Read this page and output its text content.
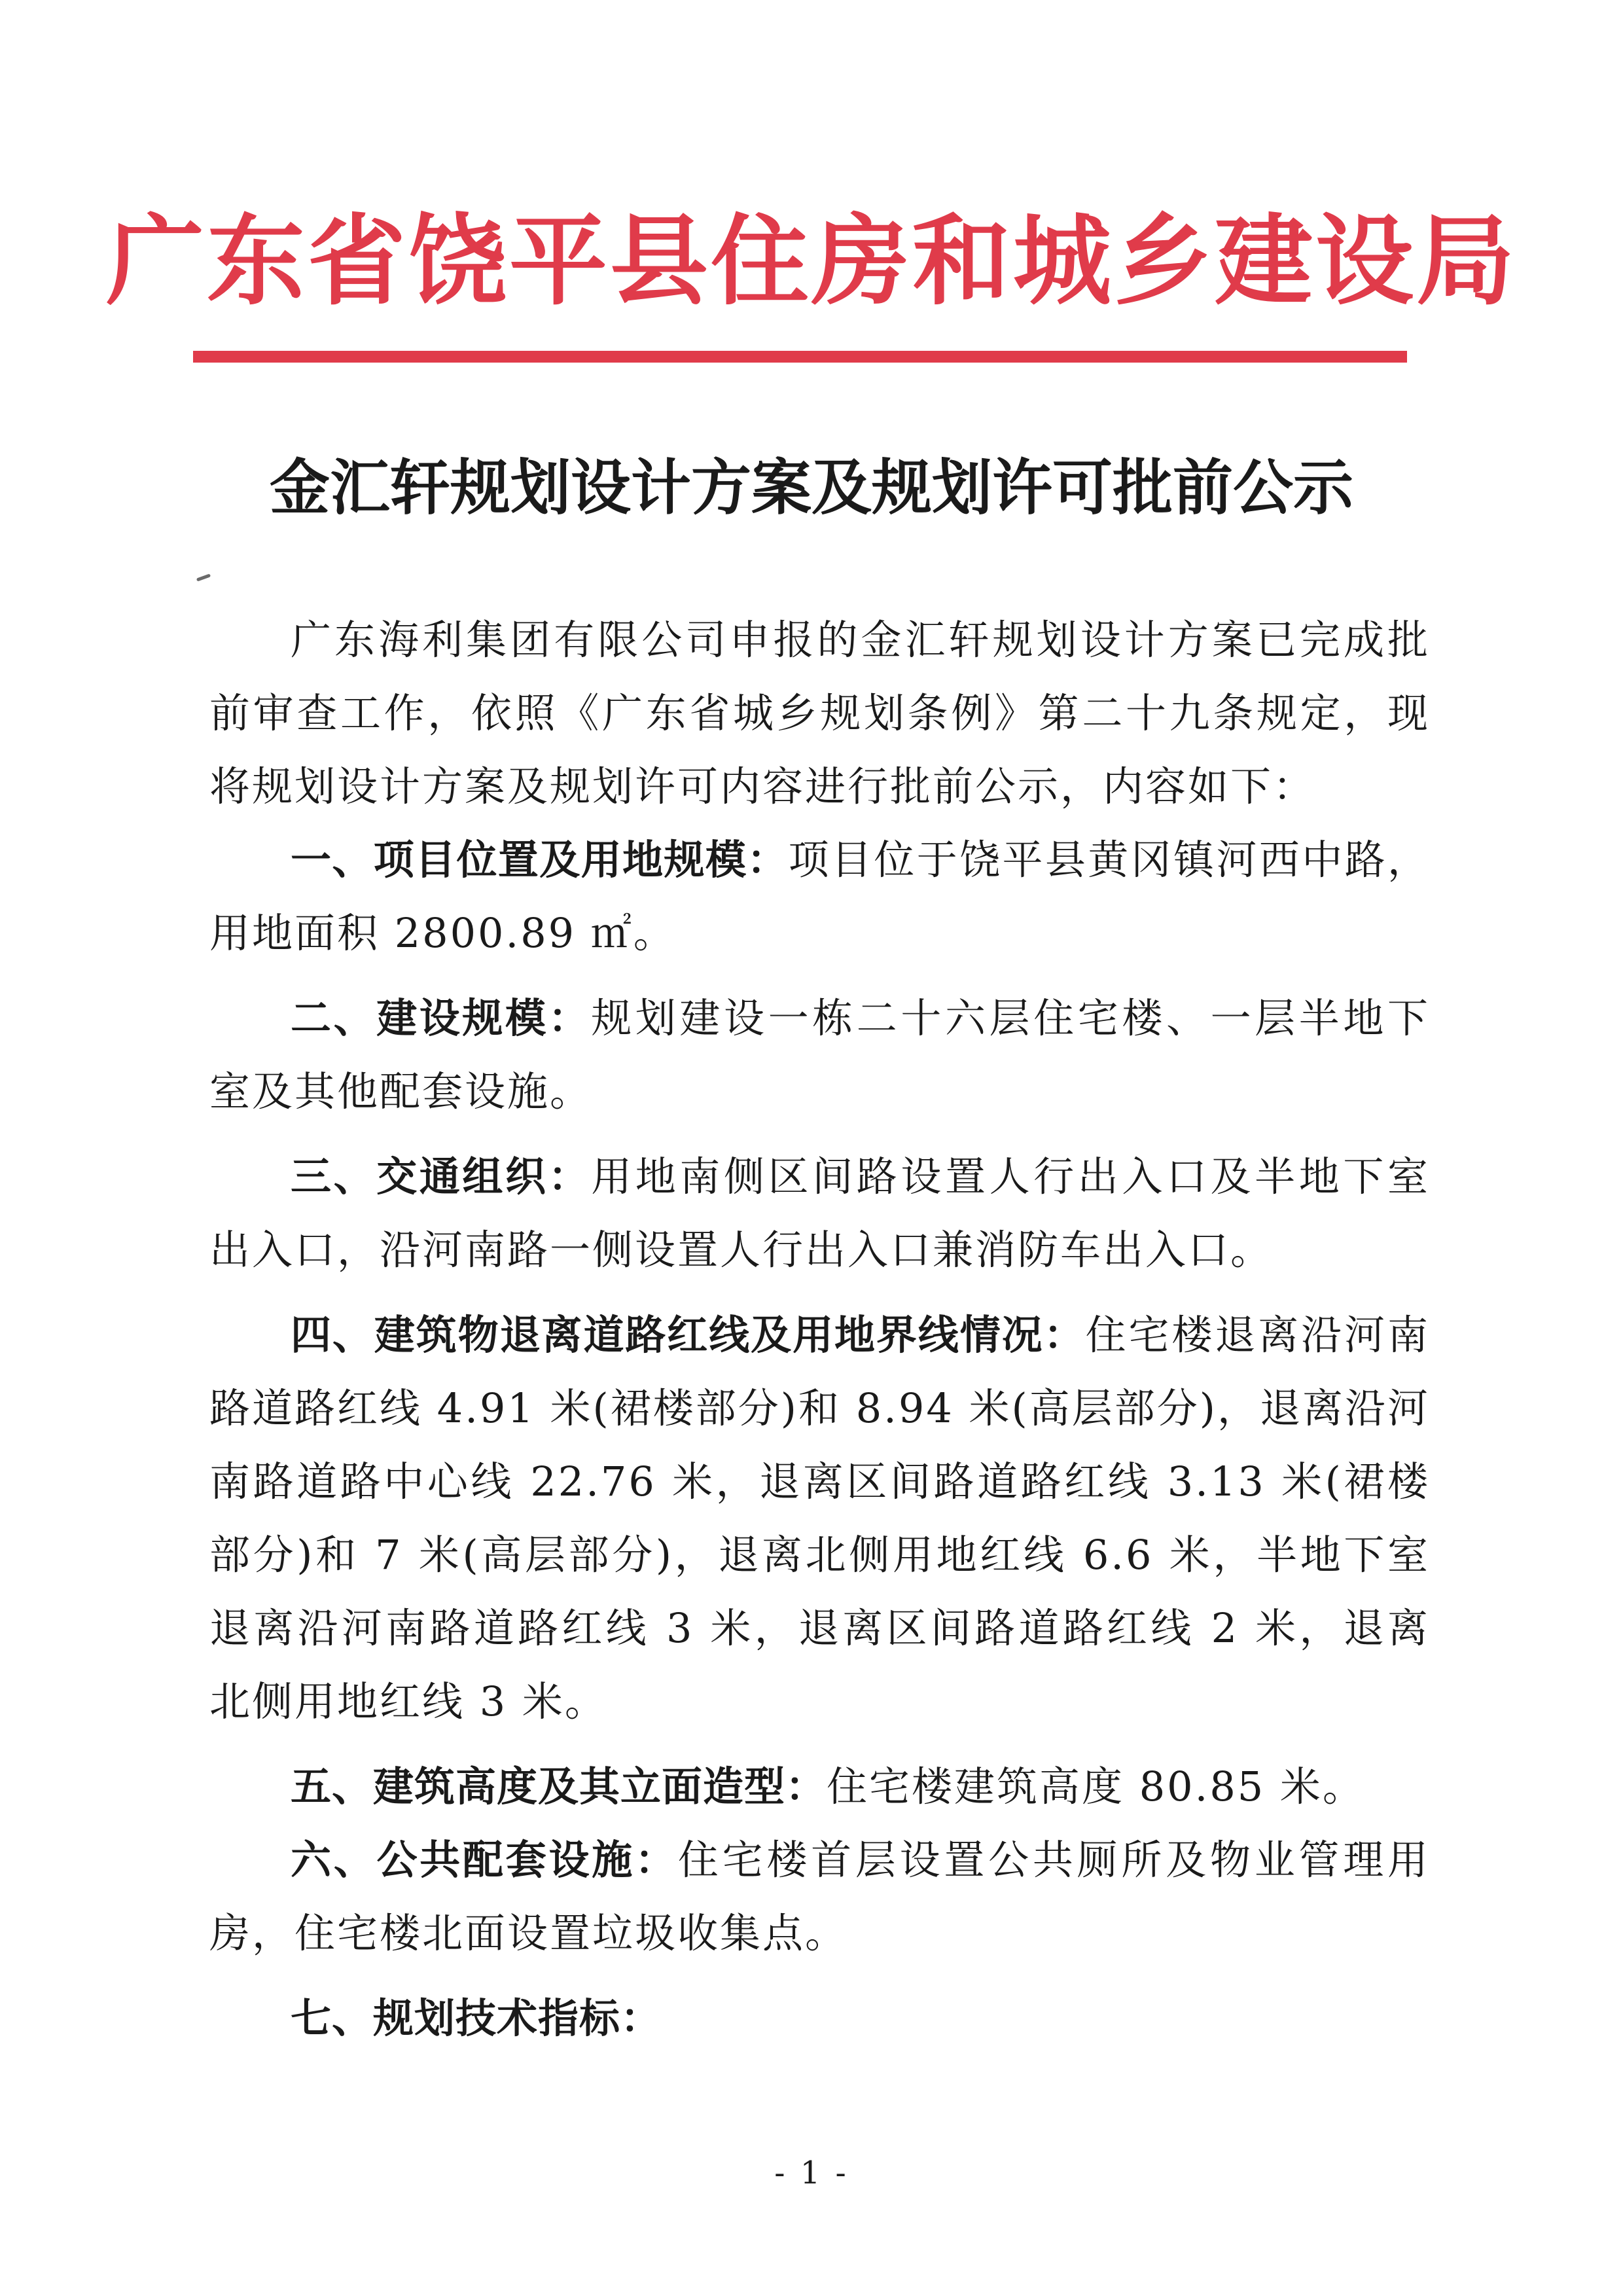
广东省饶平县住房和城乡建设局
金汇轩规划设计方案及规划许可批前公示

广东海利集团有限公司申报的金汇轩规划设计方案已完成批前审查工作，依照《广东省城乡规划条例》第二十九条规定，现将规划设计方案及规划许可内容进行批前公示，内容如下：

一、项目位置及用地规模：项目位于饶平县黄冈镇河西中路，用地面积 2800.89 ㎡。

二、建设规模：规划建设一栋二十六层住宅楼、一层半地下室及其他配套设施。

三、交通组织：用地南侧区间路设置人行出入口及半地下室出入口，沿河南路一侧设置人行出入口兼消防车出入口。

四、建筑物退离道路红线及用地界线情况：住宅楼退离沿河南路道路红线 4.91 米(裙楼部分)和 8.94 米(高层部分)，退离沿河南路道路中心线 22.76 米，退离区间路道路红线 3.13 米(裙楼部分)和 7 米(高层部分)，退离北侧用地红线 6.6 米，半地下室退离沿河南路道路红线 3 米，退离区间路道路红线 2 米，退离北侧用地红线 3 米。

五、建筑高度及其立面造型：住宅楼建筑高度 80.85 米。

六、公共配套设施：住宅楼首层设置公共厕所及物业管理用房，住宅楼北面设置垃圾收集点。

七、规划技术指标：

- 1 -
